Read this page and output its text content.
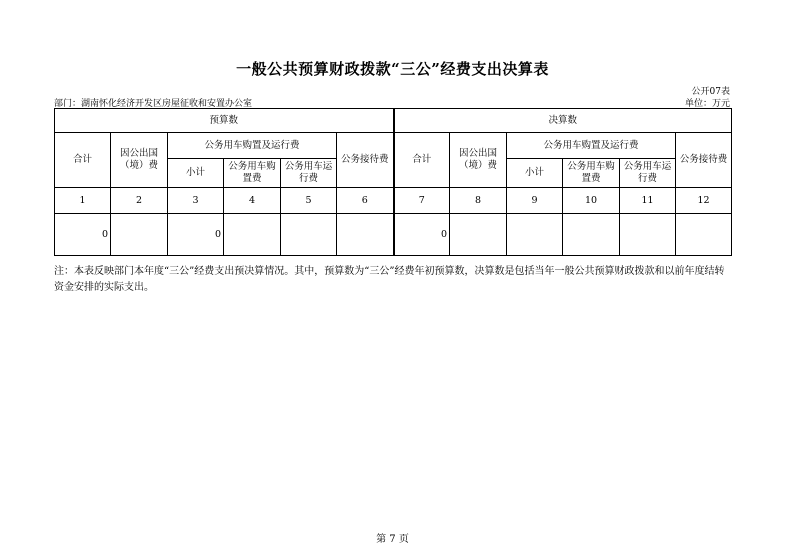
一般公共预算财政拨款“三公”经费支出决算表
公开07表
部门：湖南怀化经济开发区房屋征收和安置办公室	单位：万元
预算数						决算数					
合计	因公出国（境）费	公务用车购置及运行费			公务接待费	合计	因公出国（境）费	公务用车购置及运行费			公务接待费
		小计	公务用车购置费	公务用车运行费				小计	公务用车购置费	公务用车运行费	
1	2	3	4	5	6	7	8	9	10	11	12
0		0				0					
注：本表反映部门本年度“三公”经费支出预决算情况。其中，预算数为“三公”经费年初预算数，决算数是包括当年一般公共预算财政拨款和以前年度结转资金安排的实际支出。
第 7 页
